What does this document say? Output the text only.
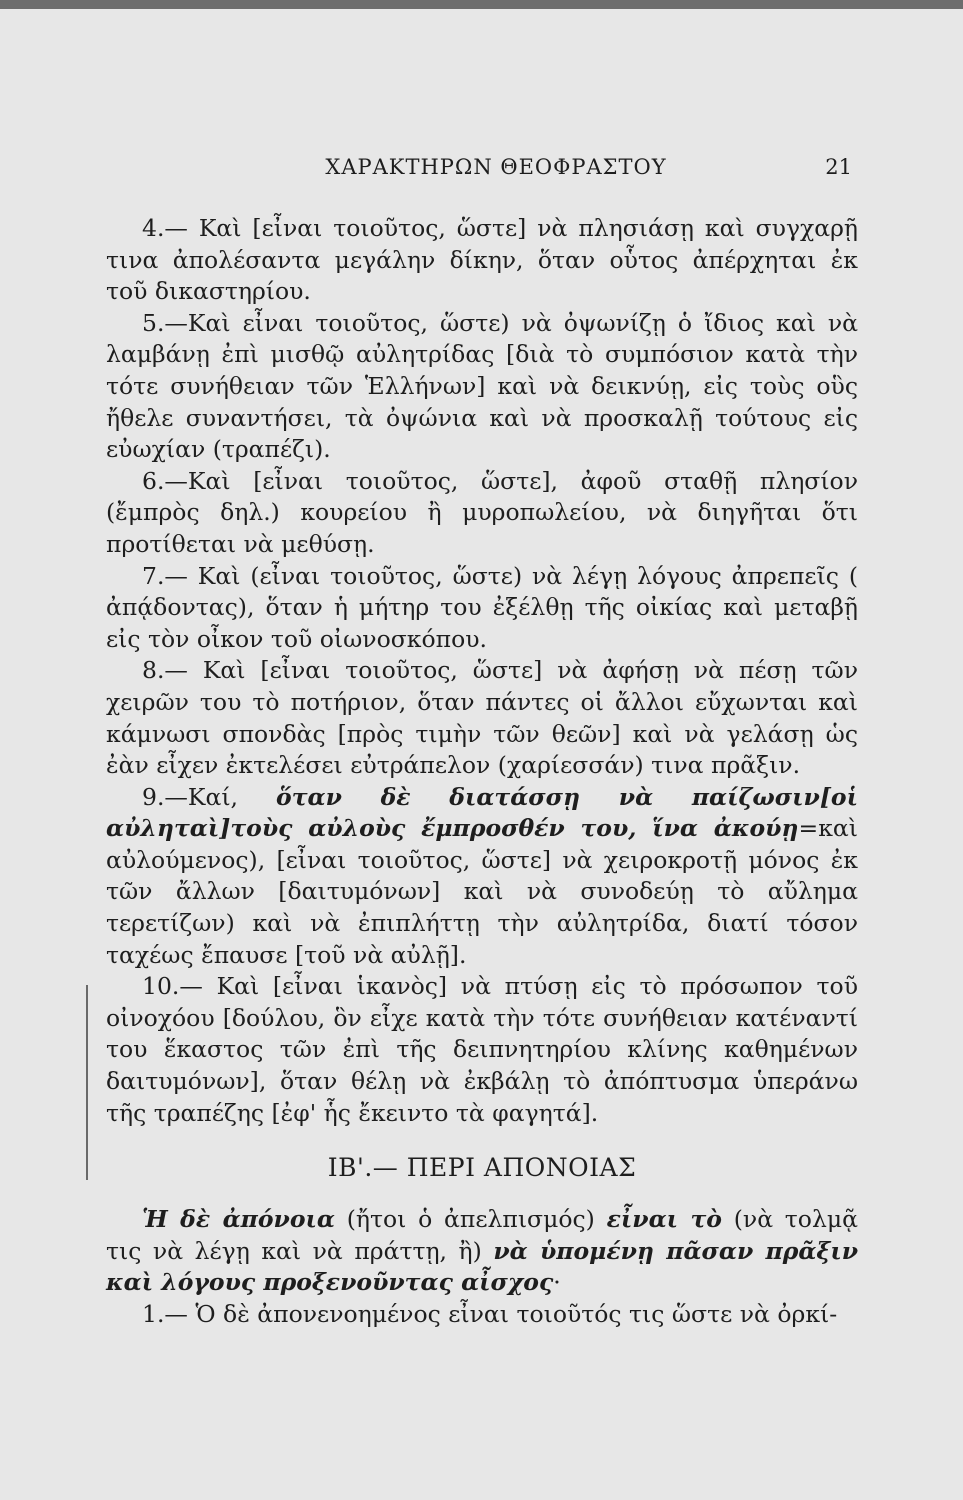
ΧΑΡΑΚΤΗΡΩΝ ΘΕΟΦΡΑΣΤΟΥ	21

4.— Καὶ [εἶναι τοιοῦτος, ὥστε] νὰ πλησιάσῃ καὶ συγχαρῇ τινα ἀπολέσαντα μεγάλην δίκην, ὅταν οὗτος ἀπέρχηται ἐκ τοῦ δικαστηρίου.

5.—Καὶ εἶναι τοιοῦτος, ὥστε) νὰ ὀψωνίζῃ ὁ ἴδιος καὶ νὰ λαμβάνῃ ἐπὶ μισθῷ αὐλητρίδας [διὰ τὸ συμπόσιον κατὰ τὴν τότε συνήθειαν τῶν Ἑλλήνων] καὶ νὰ δεικνύῃ, εἰς τοὺς οὓς ἤθελε συναντήσει, τὰ ὀψώνια καὶ νὰ προσκαλῇ τούτους εἰς εὐωχίαν (τραπέζι).

6.—Καὶ [εἶναι τοιοῦτος, ὥστε], ἀφοῦ σταθῇ πλησίον (ἔμπρὸς δηλ.) κουρείου ἢ μυροπωλείου, νὰ διηγῆται ὅτι προτίθεται νὰ μεθύσῃ.

7.— Καὶ (εἶναι τοιοῦτος, ὥστε) νὰ λέγῃ λόγους ἀπρεπεῖς ( ἀπᾴδοντας), ὅταν ἡ μήτηρ του ἐξέλθῃ τῆς οἰκίας καὶ μεταβῇ εἰς τὸν οἶκον τοῦ οἰωνοσκόπου.

8.— Καὶ [εἶναι τοιοῦτος, ὥστε] νὰ ἀφήσῃ νὰ πέσῃ τῶν χειρῶν του τὸ ποτήριον, ὅταν πάντες οἱ ἄλλοι εὔχωνται καὶ κάμνωσι σπονδὰς [πρὸς τιμὴν τῶν θεῶν] καὶ νὰ γελάσῃ ὡς ἐὰν εἶχεν ἐκτελέσει εὐτράπελον (χαρίεσσάν) τινα πρᾶξιν.

9.—Καί, ὅταν δὲ διατάσσῃ νὰ παίζωσιν[οἱ αὐληταὶ]τοὺς αὐλοὺς ἔμπροσθέν του, ἵνα ἀκούῃ=καὶ αὐλούμενος), [εἶναι τοιοῦτος, ὥστε] νὰ χειροκροτῇ μόνος ἐκ τῶν ἄλλων [δαιτυμόνων] καὶ νὰ συνοδεύῃ τὸ αὔλημα τερετίζων) καὶ νὰ ἐπιπλήττῃ τὴν αὐλητρίδα, διατί τόσον ταχέως ἔπαυσε [τοῦ νὰ αὐλῇ].

10.— Καὶ [εἶναι ἱκανὸς] νὰ πτύσῃ εἰς τὸ πρόσωπον τοῦ οἰνοχόου [δούλου, ὃν εἶχε κατὰ τὴν τότε συνήθειαν κατέναντί του ἕκαστος τῶν ἐπὶ τῆς δειπνητηρίου κλίνης καθημένων δαιτυμόνων], ὅταν θέλῃ νὰ ἐκβάλῃ τὸ ἀπόπτυσμα ὑπεράνω τῆς τραπέζης [ἐφ' ἧς ἔκειντο τὰ φαγητά].

ΙΒ'.— ΠΕΡΙ ΑΠΟΝΟΙΑΣ

Ἡ δὲ ἀπόνοια (ἤτοι ὁ ἀπελπισμός) εἶναι τὸ (νὰ τολμᾷ τις νὰ λέγῃ καὶ νὰ πράττῃ, ἢ) νὰ ὑπομένῃ πᾶσαν πρᾶξιν καὶ λόγους προξενοῦντας αἶσχος·

1.— Ὁ δὲ ἀπονενοημένος εἶναι τοιοῦτός τις ὥστε νὰ ὀρκί-
